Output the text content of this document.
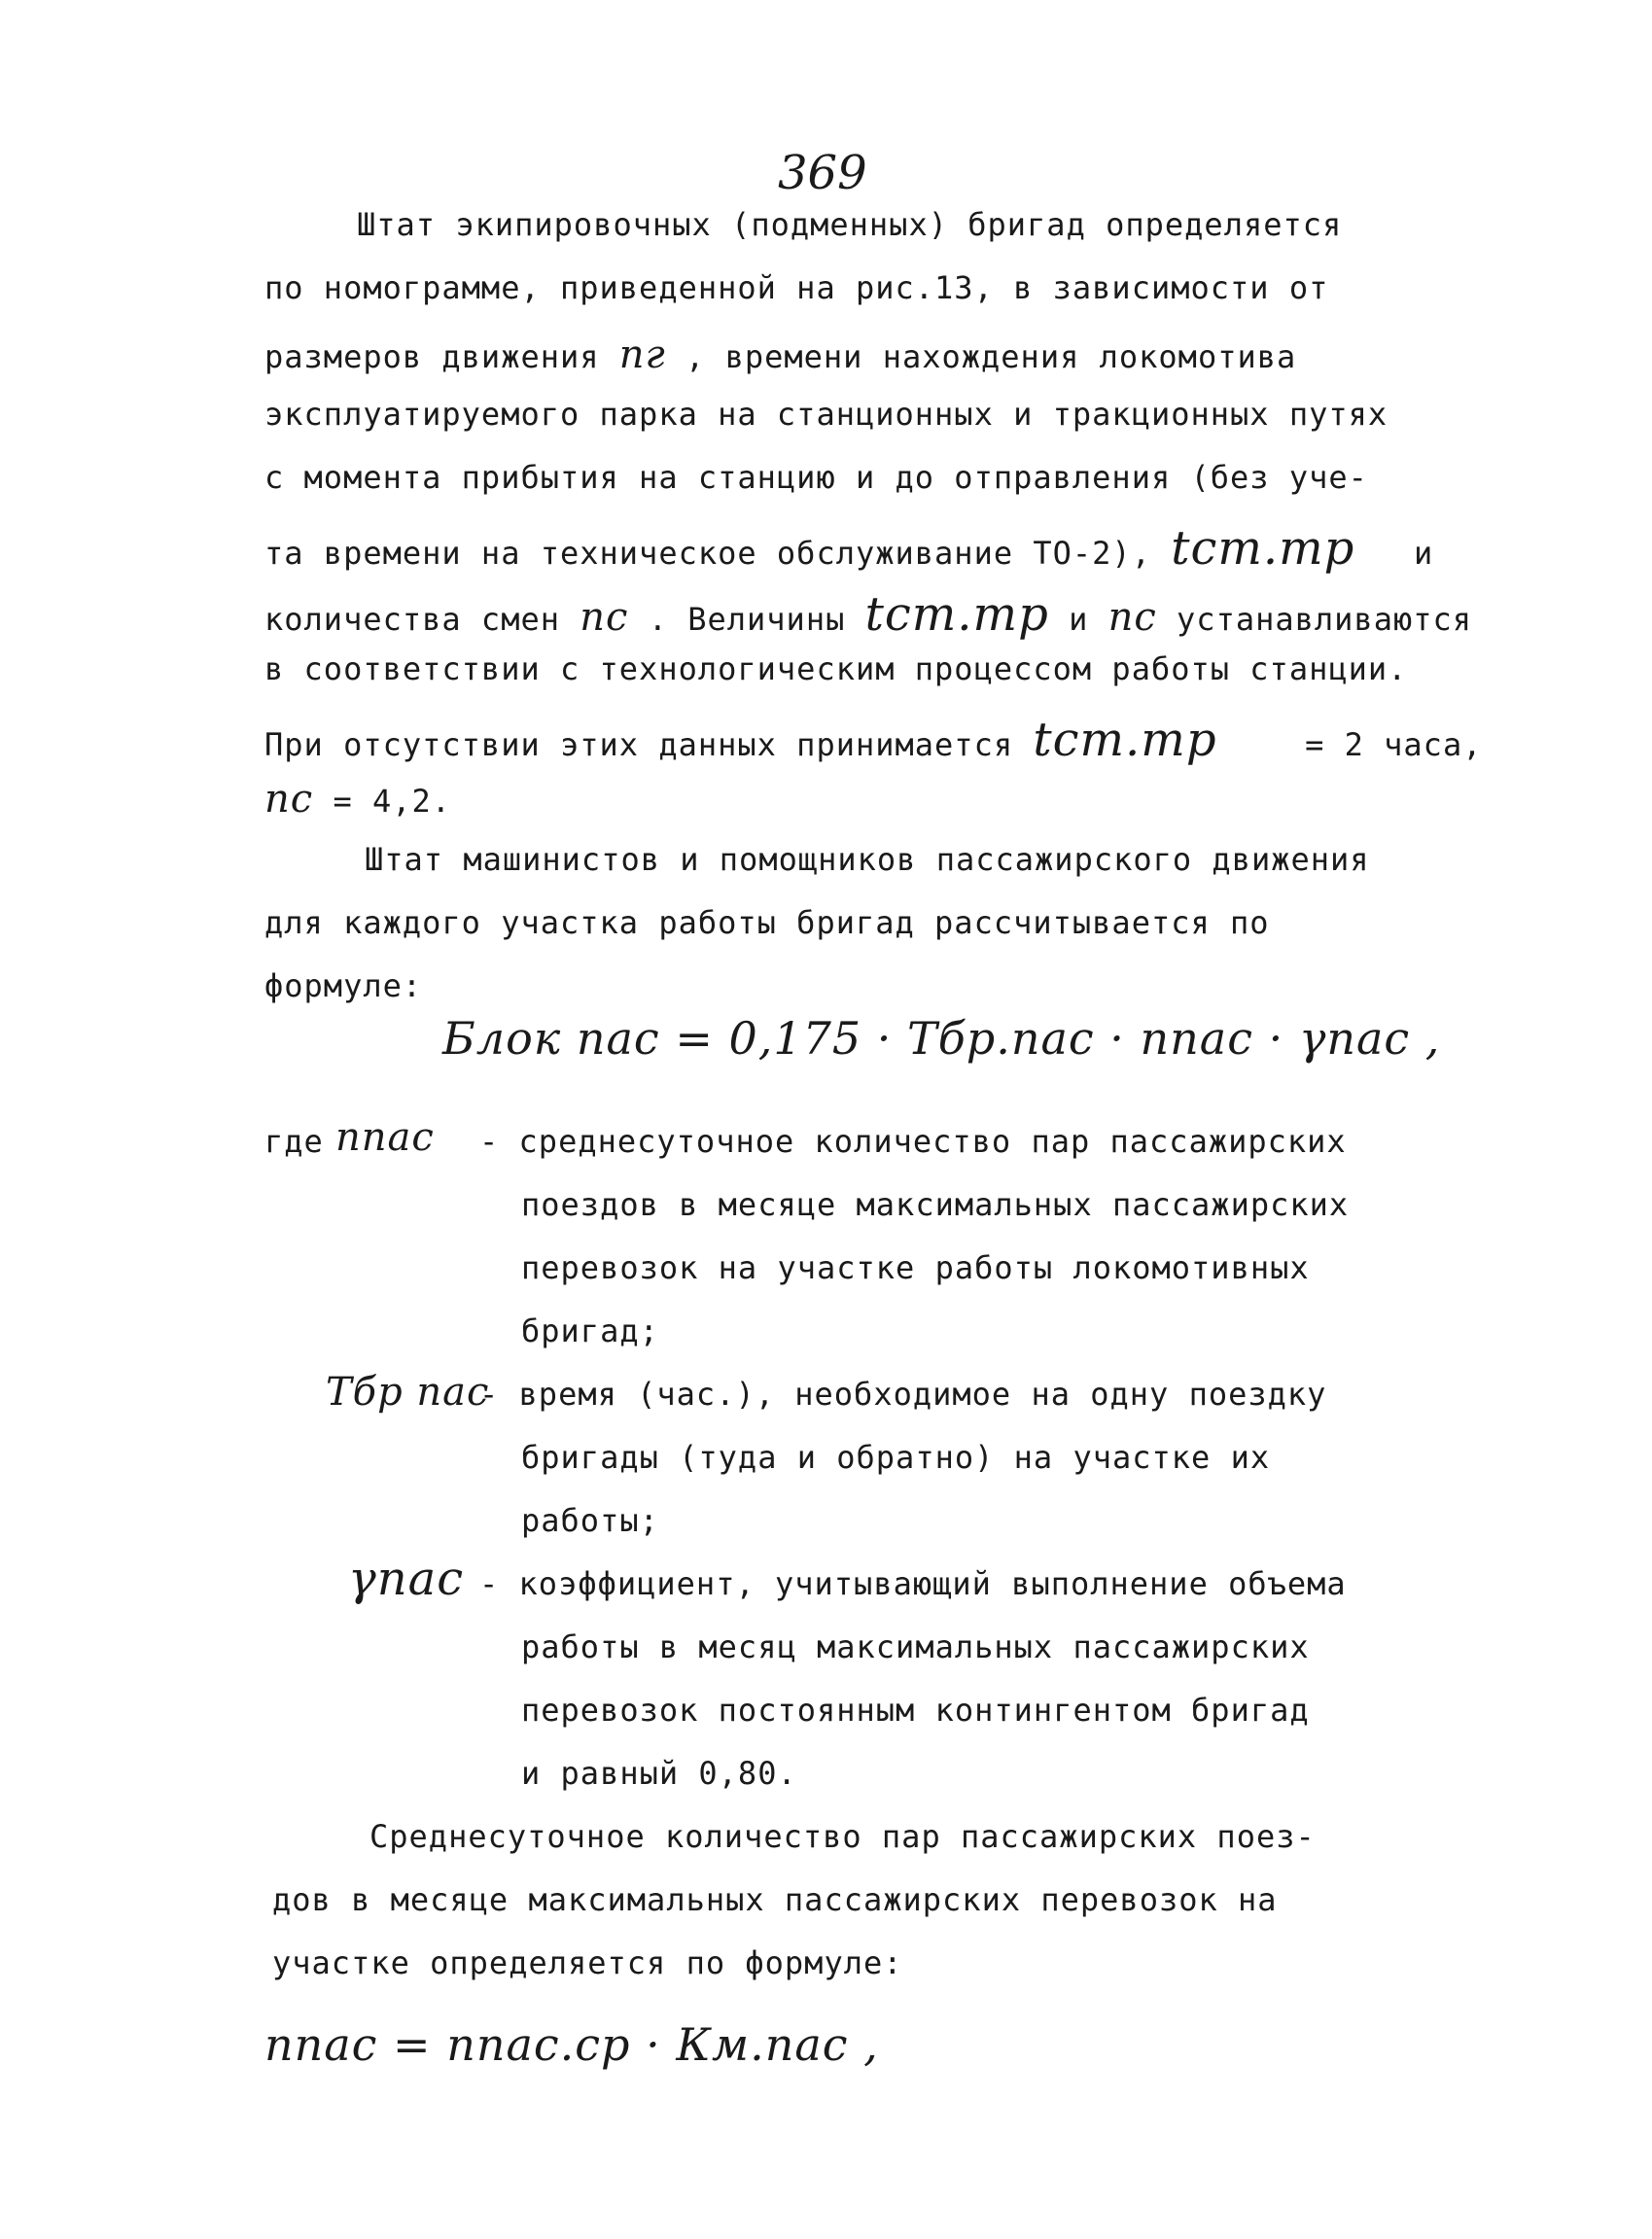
369
Штат экипировочных (подменных) бригад определяется
по номограмме, приведенной на рис.13, в зависимости от
размеров движения nг , времени нахождения локомотива
эксплуатируемого парка на станционных и тракционных путях
с момента прибытия на станцию и до отправления (без уче-
та времени на техническое обслуживание ТО-2), tст.тр и
количества смен nс . Величины tст.тр и nс устанавливаются
в соответствии с технологическим процессом работы станции.
При отсутствии этих данных принимается tст.тр	= 2 часа,
nс = 4,2.
Штат машинистов и помощников пассажирского движения
для каждого участка работы бригад рассчитывается по
формуле:
Блок пас = 0,175 · Тбр.пас · nпас · γпас ,
где nпас - среднесуточное количество пар пассажирских
поездов в месяце максимальных пассажирских
перевозок на участке работы локомотивных
бригад;
Тбр пас
- время (час.), необходимое на одну поездку
бригады (туда и обратно) на участке их
работы;
γпас - коэффициент, учитывающий выполнение объема
работы в месяц максимальных пассажирских
перевозок постоянным контингентом бригад
и равный 0,80.
Среднесуточное количество пар пассажирских поез-
дов в месяце максимальных пассажирских перевозок на
участке определяется по формуле:
nпас = nпас.ср · Км.пас ,
